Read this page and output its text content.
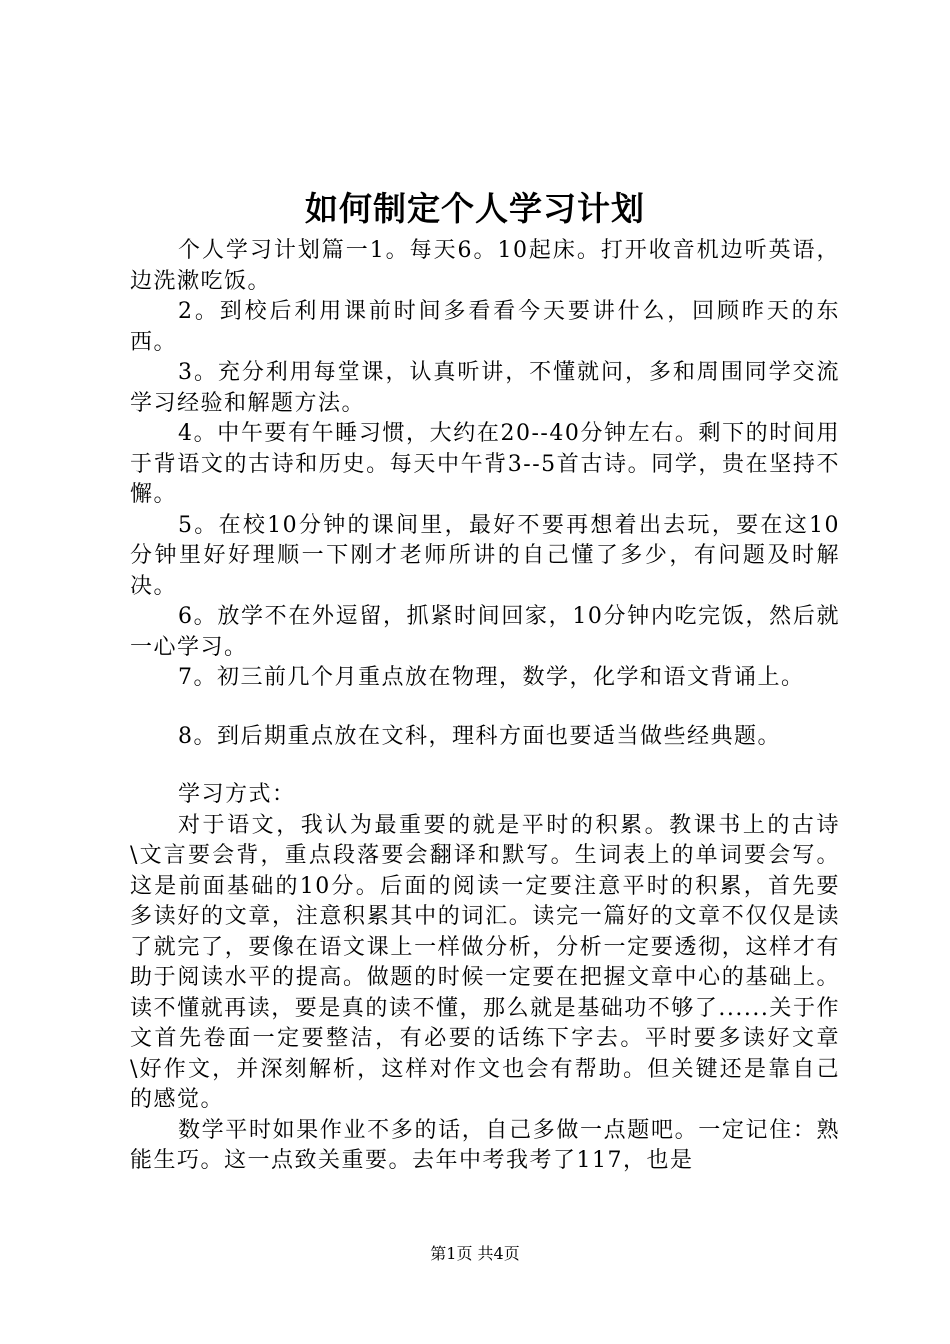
如何制定个人学习计划

个人学习计划篇一1。每天6。10起床。打开收音机边听英语，边洗漱吃饭。

2。到校后利用课前时间多看看今天要讲什么，回顾昨天的东西。

3。充分利用每堂课，认真听讲，不懂就问，多和周围同学交流学习经验和解题方法。

4。中午要有午睡习惯，大约在20--40分钟左右。剩下的时间用于背语文的古诗和历史。每天中午背3--5首古诗。同学，贵在坚持不懈。

5。在校10分钟的课间里，最好不要再想着出去玩，要在这10分钟里好好理顺一下刚才老师所讲的自己懂了多少，有问题及时解决。

6。放学不在外逗留，抓紧时间回家，10分钟内吃完饭，然后就一心学习。

7。初三前几个月重点放在物理，数学，化学和语文背诵上。

8。到后期重点放在文科，理科方面也要适当做些经典题。

学习方式：

对于语文，我认为最重要的就是平时的积累。教课书上的古诗\文言要会背，重点段落要会翻译和默写。生词表上的单词要会写。这是前面基础的10分。后面的阅读一定要注意平时的积累，首先要多读好的文章，注意积累其中的词汇。读完一篇好的文章不仅仅是读了就完了，要像在语文课上一样做分析，分析一定要透彻，这样才有助于阅读水平的提高。做题的时候一定要在把握文章中心的基础上。读不懂就再读，要是真的读不懂，那么就是基础功不够了......关于作文首先卷面一定要整洁，有必要的话练下字去。平时要多读好文章\好作文，并深刻解析，这样对作文也会有帮助。但关键还是靠自己的感觉。

数学平时如果作业不多的话，自己多做一点题吧。一定记住：熟能生巧。这一点致关重要。去年中考我考了117，也是

第1页 共4页
